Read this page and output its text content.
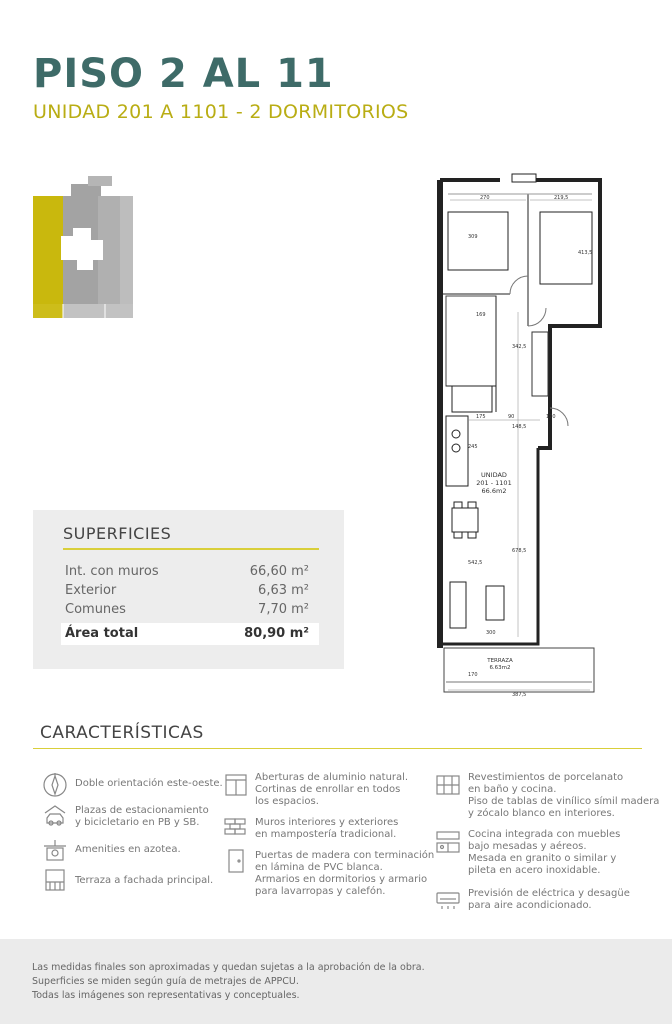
PISO 2 AL 11
UNIDAD 201 A 1101 - 2 DORMITORIOS
270	219,5
309
413,5
169
342,5
175	90	170
148,5
245
678,5
542,5
300
387,5
170
UNIDAD
201 - 1101
66.6m2
TERRAZA
6.63m2
SUPERFICIES
Int. con muros	66,60 m²
Exterior	6,63 m²
Comunes	7,70 m²
Área total	80,90 m²
CARACTERÍSTICAS
Doble orientación este-oeste.
Plazas de estacionamiento
y bicicletario en PB y SB.
Amenities en azotea.
Terraza a fachada principal.
Aberturas de aluminio natural.
Cortinas de enrollar en todos
los espacios.
Muros interiores y exteriores
en mampostería tradicional.
Puertas de madera con terminación
en lámina de PVC blanca.
Armarios en dormitorios y armario
para lavarropas y calefón.
Revestimientos de porcelanato
en baño y cocina.
Piso de tablas de vinílico símil madera
y zócalo blanco en interiores.
Cocina integrada con muebles
bajo mesadas y aéreos.
Mesada en granito o similar y
pileta en acero inoxidable.
Previsión de eléctrica y desagüe
para aire acondicionado.
Las medidas finales son aproximadas y quedan sujetas a la aprobación de la obra.
Superficies se miden según guía de metrajes de APPCU.
Todas las imágenes son representativas y conceptuales.
